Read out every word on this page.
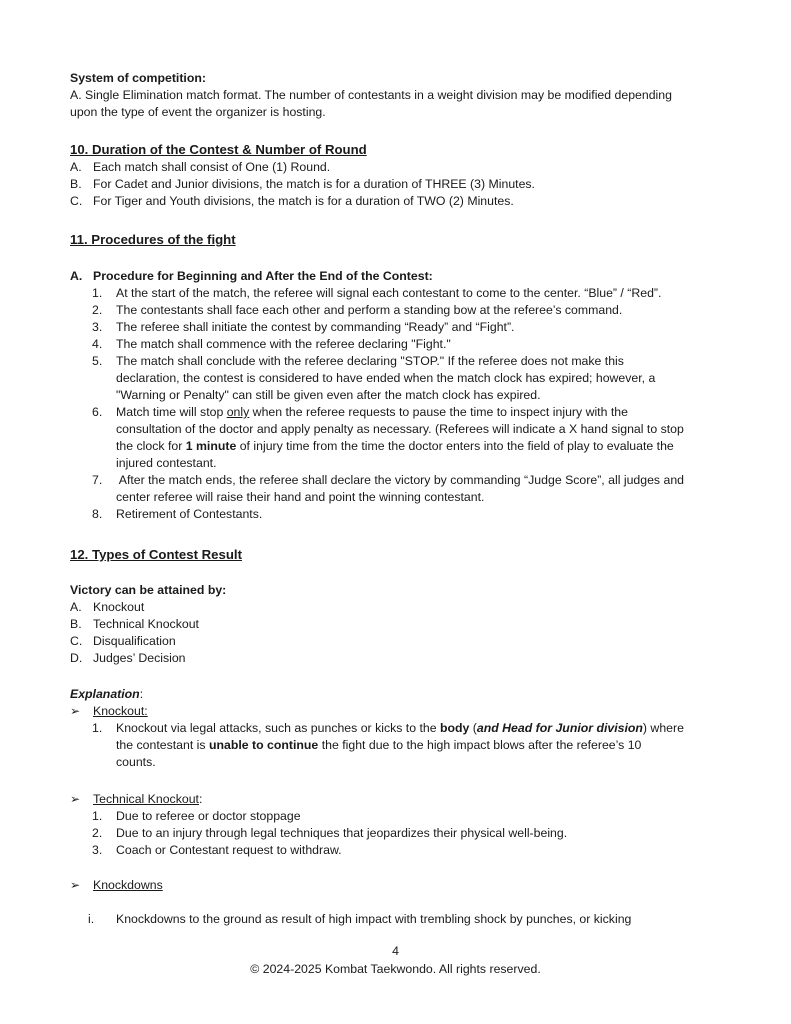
System of competition:
A. Single Elimination match format. The number of contestants in a weight division may be modified depending
upon the type of event the organizer is hosting.
10. Duration of the Contest & Number of Round
A. Each match shall consist of One (1) Round.
B. For Cadet and Junior divisions, the match is for a duration of THREE (3) Minutes.
C. For Tiger and Youth divisions, the match is for a duration of TWO (2) Minutes.
11. Procedures of the fight
A. Procedure for Beginning and After the End of the Contest:
1. At the start of the match, the referee will signal each contestant to come to the center. “Blue” / “Red”.
2. The contestants shall face each other and perform a standing bow at the referee’s command.
3. The referee shall initiate the contest by commanding “Ready” and “Fight”.
4. The match shall commence with the referee declaring "Fight."
5. The match shall conclude with the referee declaring "STOP." If the referee does not make this
declaration, the contest is considered to have ended when the match clock has expired; however, a
"Warning or Penalty" can still be given even after the match clock has expired.
6. Match time will stop only when the referee requests to pause the time to inspect injury with the
consultation of the doctor and apply penalty as necessary. (Referees will indicate a X hand signal to stop
the clock for 1 minute of injury time from the time the doctor enters into the field of play to evaluate the
injured contestant.
7. After the match ends, the referee shall declare the victory by commanding “Judge Score”, all judges and
center referee will raise their hand and point the winning contestant.
8. Retirement of Contestants.
12. Types of Contest Result
Victory can be attained by:
A. Knockout
B. Technical Knockout
C. Disqualification
D. Judges’ Decision
Explanation:
➢ Knockout:
1. Knockout via legal attacks, such as punches or kicks to the body (and Head for Junior division) where
the contestant is unable to continue the fight due to the high impact blows after the referee’s 10
counts.
➢ Technical Knockout:
1. Due to referee or doctor stoppage
2. Due to an injury through legal techniques that jeopardizes their physical well-being.
3. Coach or Contestant request to withdraw.
➢ Knockdowns
i. Knockdowns to the ground as result of high impact with trembling shock by punches, or kicking
4
© 2024-2025 Kombat Taekwondo. All rights reserved.
